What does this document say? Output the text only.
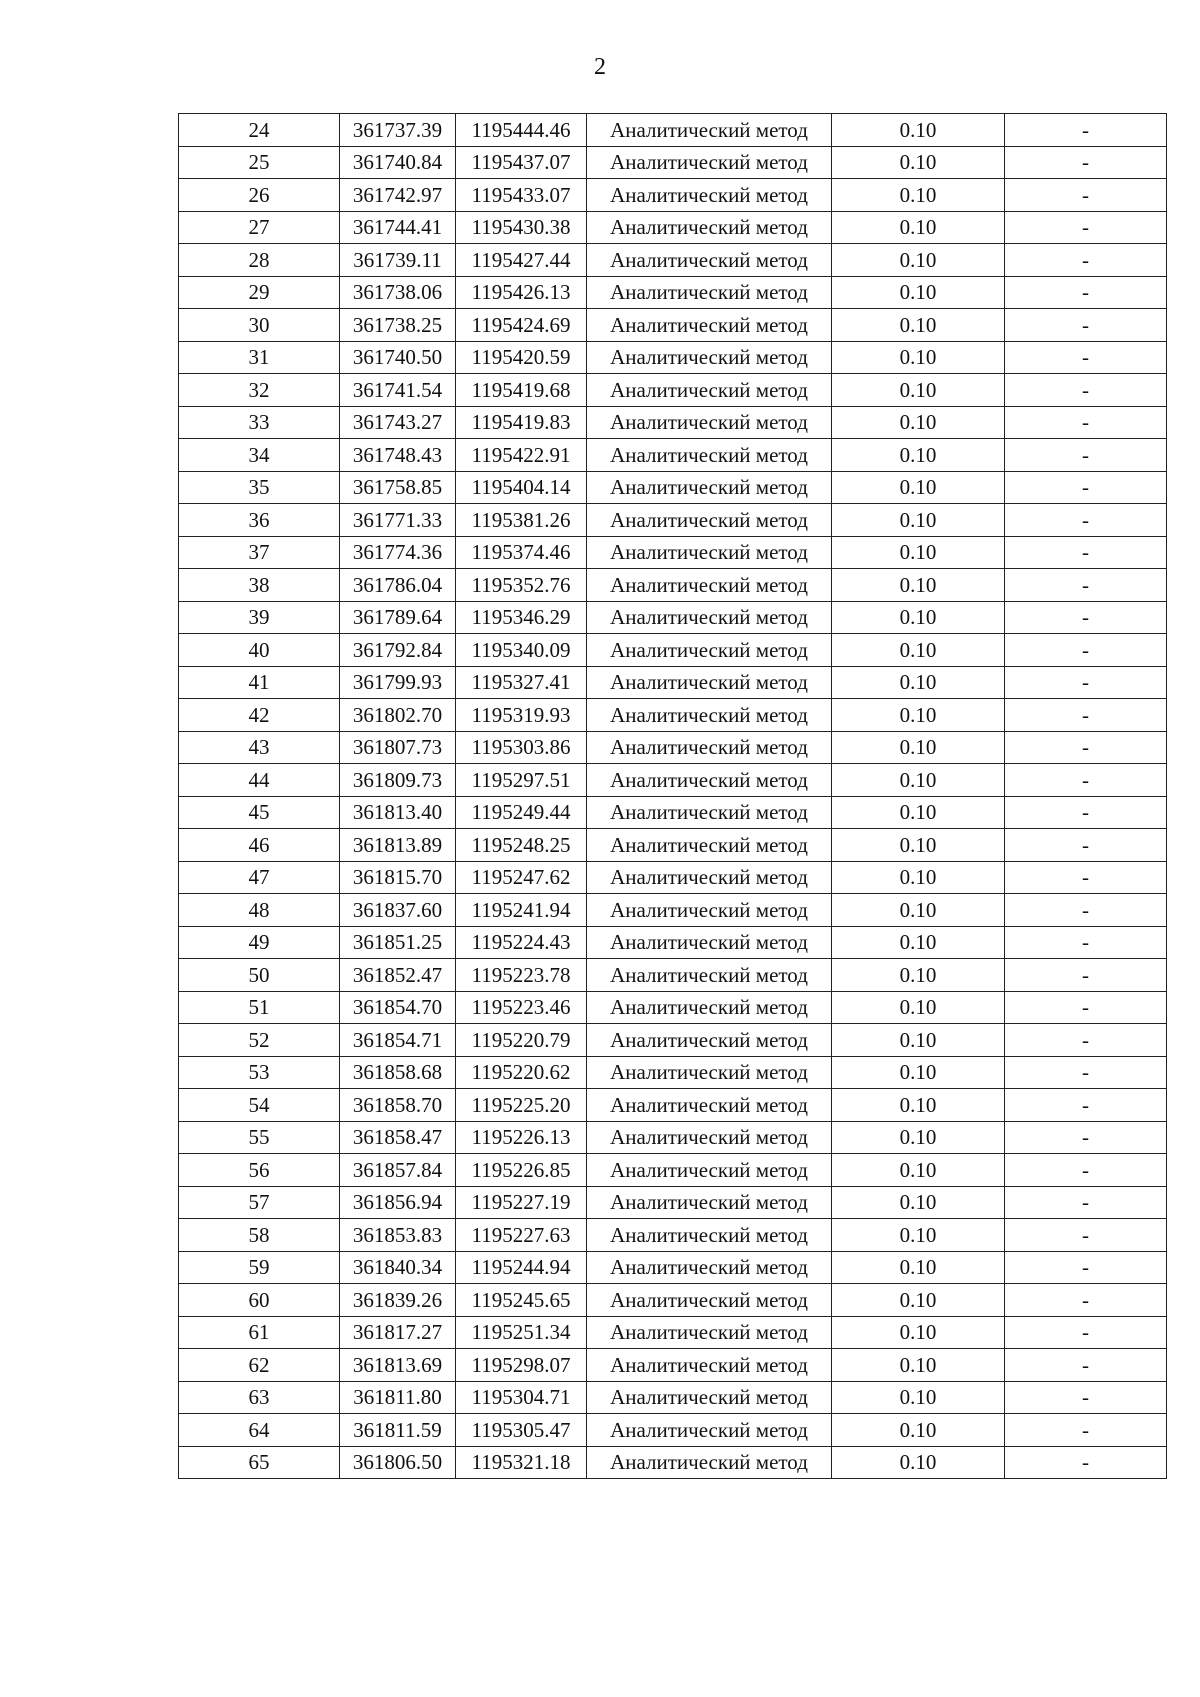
2
24	361737.39	1195444.46	Аналитический метод	0.10	-
25	361740.84	1195437.07	Аналитический метод	0.10	-
26	361742.97	1195433.07	Аналитический метод	0.10	-
27	361744.41	1195430.38	Аналитический метод	0.10	-
28	361739.11	1195427.44	Аналитический метод	0.10	-
29	361738.06	1195426.13	Аналитический метод	0.10	-
30	361738.25	1195424.69	Аналитический метод	0.10	-
31	361740.50	1195420.59	Аналитический метод	0.10	-
32	361741.54	1195419.68	Аналитический метод	0.10	-
33	361743.27	1195419.83	Аналитический метод	0.10	-
34	361748.43	1195422.91	Аналитический метод	0.10	-
35	361758.85	1195404.14	Аналитический метод	0.10	-
36	361771.33	1195381.26	Аналитический метод	0.10	-
37	361774.36	1195374.46	Аналитический метод	0.10	-
38	361786.04	1195352.76	Аналитический метод	0.10	-
39	361789.64	1195346.29	Аналитический метод	0.10	-
40	361792.84	1195340.09	Аналитический метод	0.10	-
41	361799.93	1195327.41	Аналитический метод	0.10	-
42	361802.70	1195319.93	Аналитический метод	0.10	-
43	361807.73	1195303.86	Аналитический метод	0.10	-
44	361809.73	1195297.51	Аналитический метод	0.10	-
45	361813.40	1195249.44	Аналитический метод	0.10	-
46	361813.89	1195248.25	Аналитический метод	0.10	-
47	361815.70	1195247.62	Аналитический метод	0.10	-
48	361837.60	1195241.94	Аналитический метод	0.10	-
49	361851.25	1195224.43	Аналитический метод	0.10	-
50	361852.47	1195223.78	Аналитический метод	0.10	-
51	361854.70	1195223.46	Аналитический метод	0.10	-
52	361854.71	1195220.79	Аналитический метод	0.10	-
53	361858.68	1195220.62	Аналитический метод	0.10	-
54	361858.70	1195225.20	Аналитический метод	0.10	-
55	361858.47	1195226.13	Аналитический метод	0.10	-
56	361857.84	1195226.85	Аналитический метод	0.10	-
57	361856.94	1195227.19	Аналитический метод	0.10	-
58	361853.83	1195227.63	Аналитический метод	0.10	-
59	361840.34	1195244.94	Аналитический метод	0.10	-
60	361839.26	1195245.65	Аналитический метод	0.10	-
61	361817.27	1195251.34	Аналитический метод	0.10	-
62	361813.69	1195298.07	Аналитический метод	0.10	-
63	361811.80	1195304.71	Аналитический метод	0.10	-
64	361811.59	1195305.47	Аналитический метод	0.10	-
65	361806.50	1195321.18	Аналитический метод	0.10	-
